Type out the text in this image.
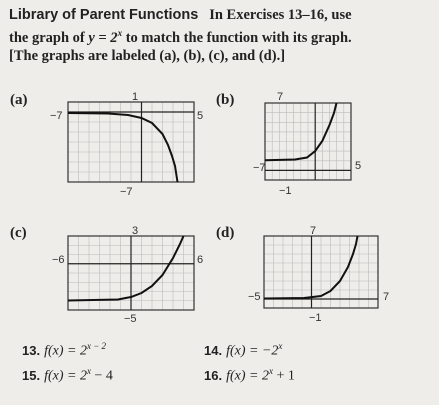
Library of Parent Functions In Exercises 13–16, use
the graph of $y = 2^x$ to match the function with its graph.
[The graphs are labeled (a), (b), (c), and (d).]
(a)	1
−7	5
−7
(b)	7
−7	5
−1
(c)	3
−6	6
−5
(d)	7
−5	7
−1
13. $f(x) = 2^{x - 2}$	14. $f(x) = -2^x$
15. $f(x) = 2^x - 4$	16. $f(x) = 2^x + 1$
